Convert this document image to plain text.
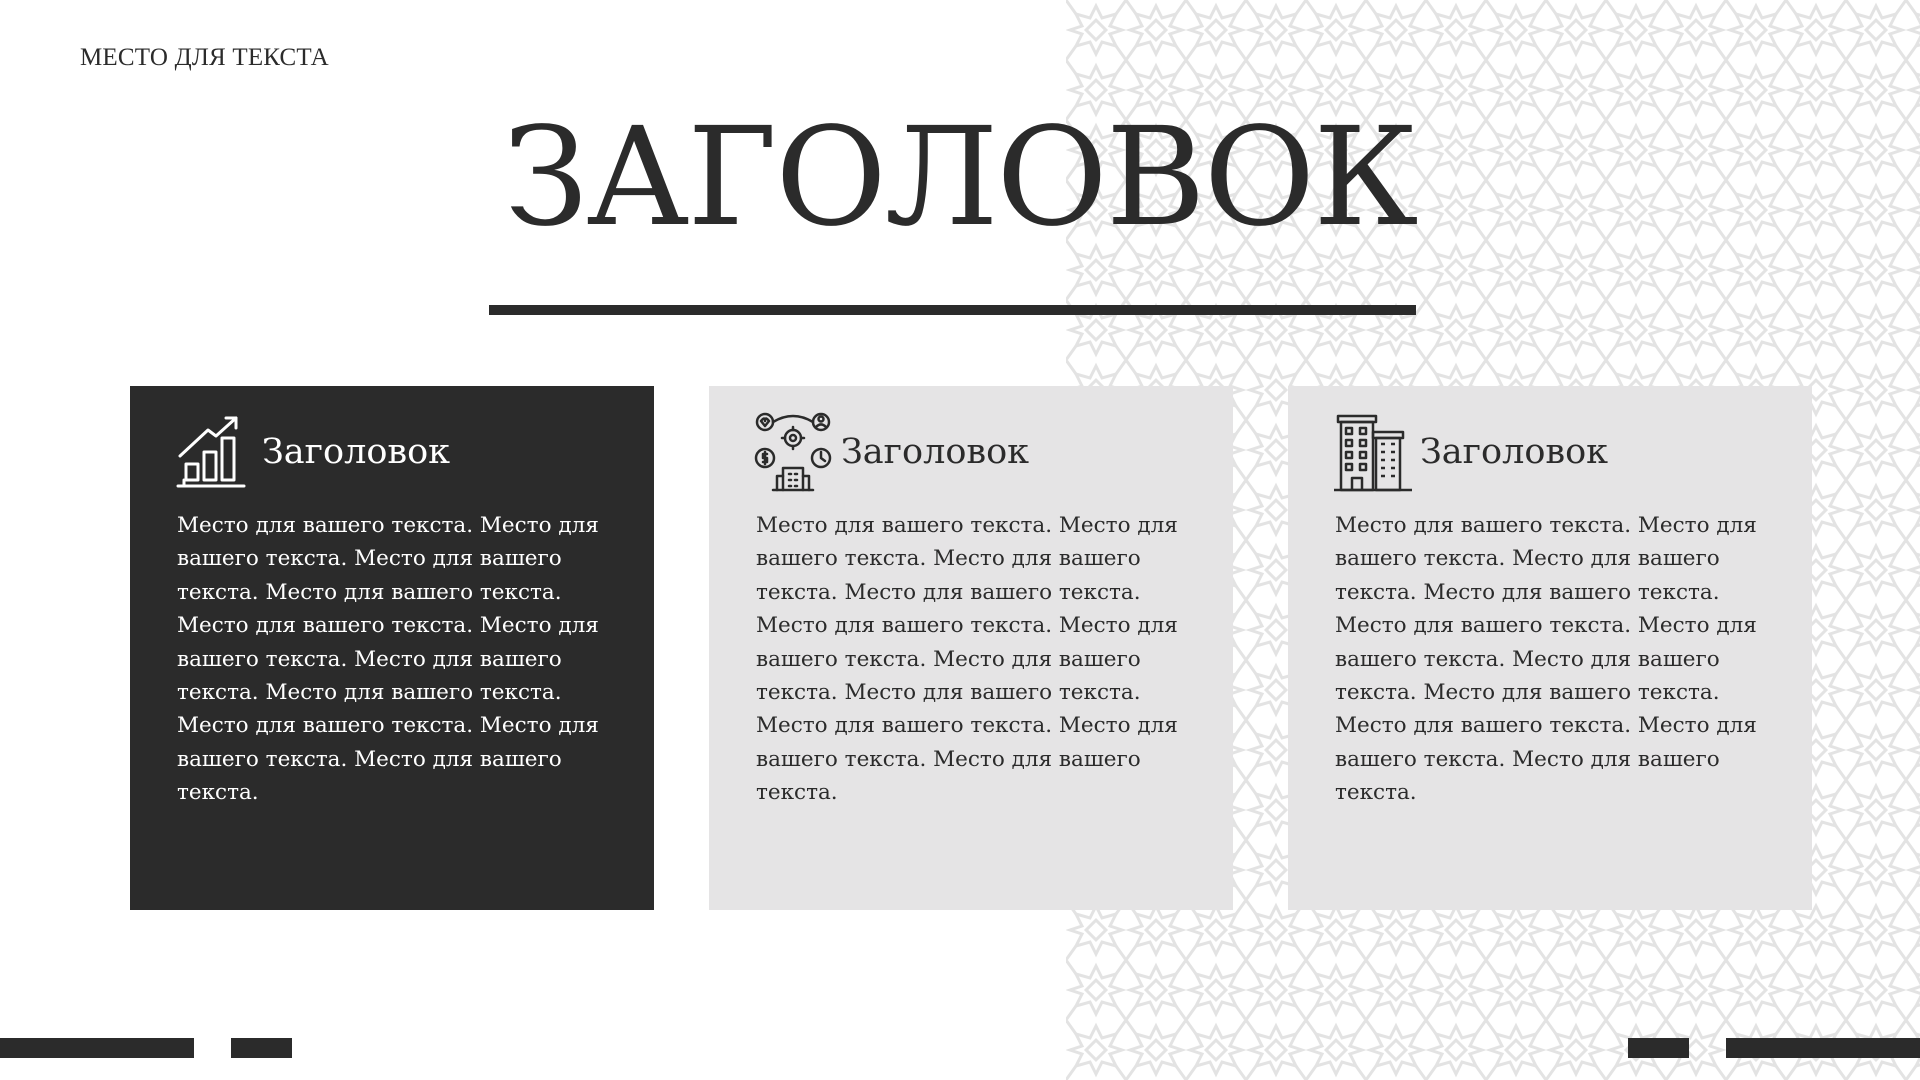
МЕСТО ДЛЯ ТЕКСТА
ЗАГОЛОВОК
Заголовок
Место для вашего текста. Место для вашего текста. Место для вашего текста. Место для вашего текста. Место для вашего текста. Место для вашего текста. Место для вашего текста. Место для вашего текста. Место для вашего текста. Место для вашего текста. Место для вашего текста.
Заголовок
Место для вашего текста. Место для вашего текста. Место для вашего текста. Место для вашего текста. Место для вашего текста. Место для вашего текста. Место для вашего текста. Место для вашего текста. Место для вашего текста. Место для вашего текста. Место для вашего текста.
Заголовок
Место для вашего текста. Место для вашего текста. Место для вашего текста. Место для вашего текста. Место для вашего текста. Место для вашего текста. Место для вашего текста. Место для вашего текста. Место для вашего текста. Место для вашего текста. Место для вашего текста.
